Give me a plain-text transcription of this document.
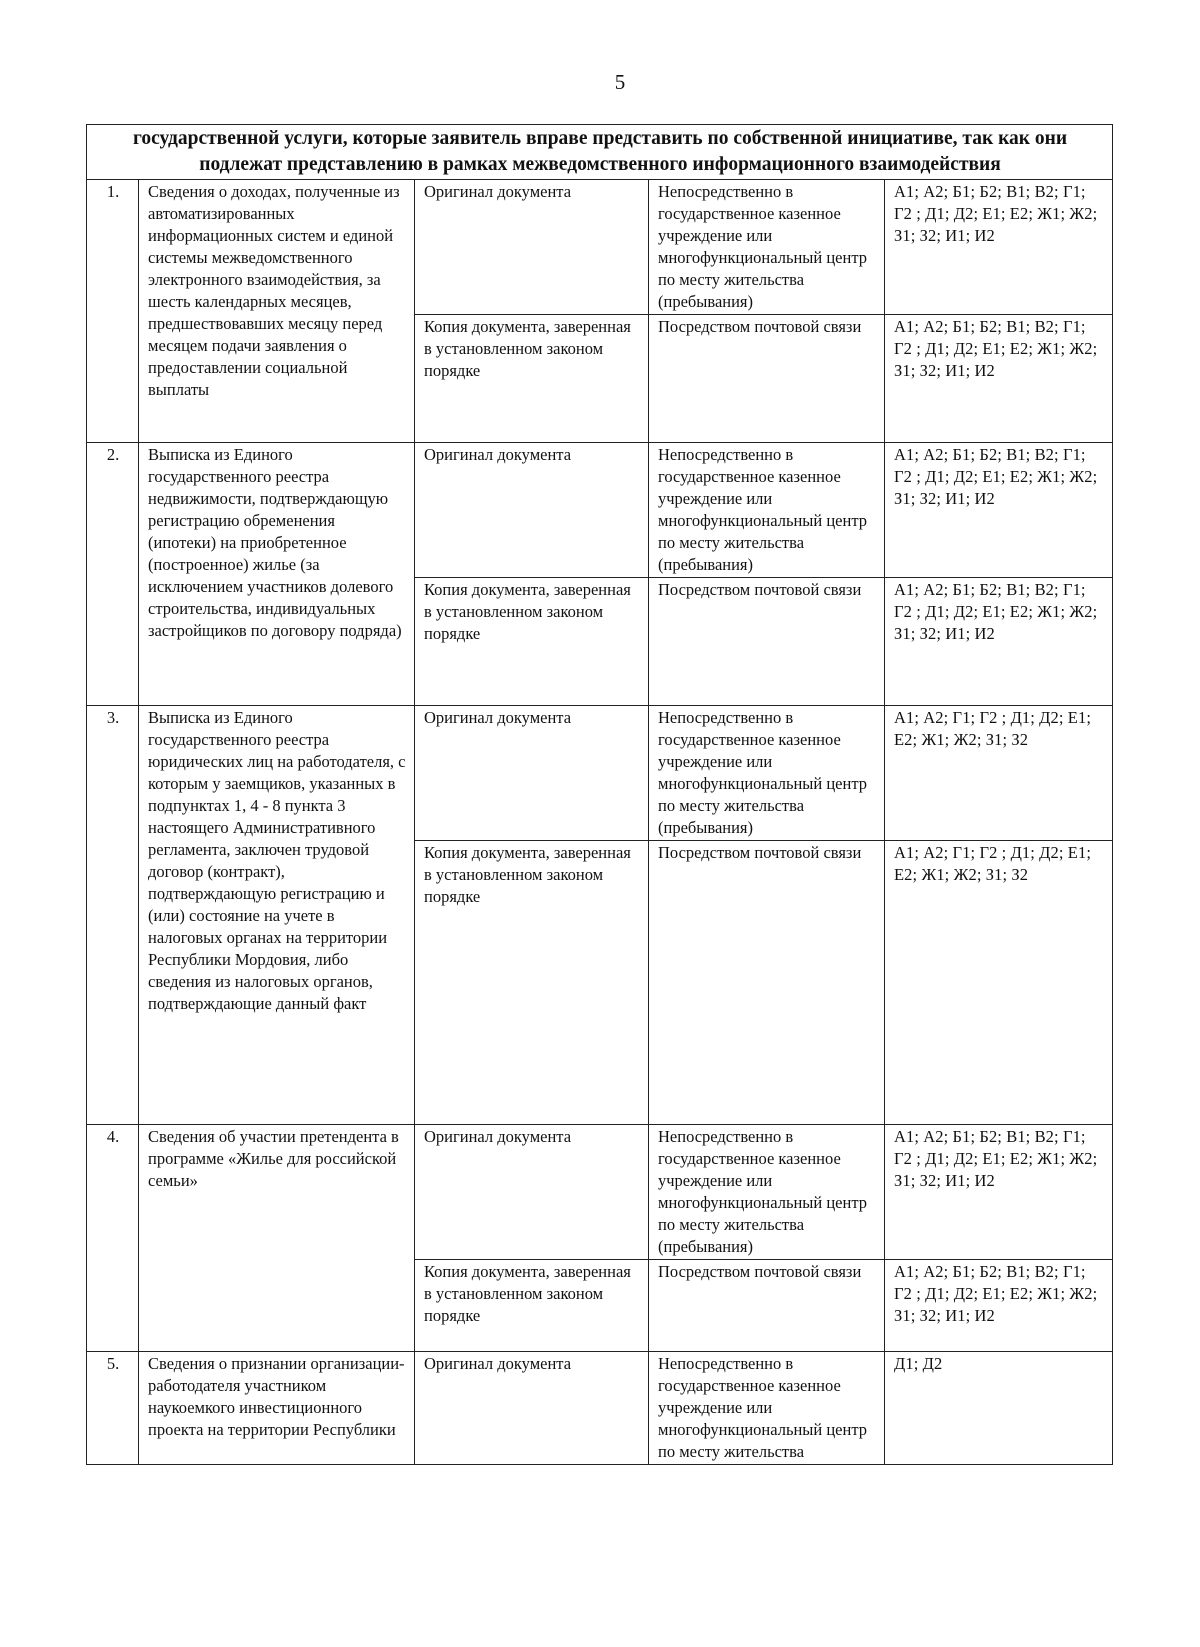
5
государственной услуги, которые заявитель вправе представить по собственной инициативе, так как они подлежат представлению в рамках межведомственного информационного взаимодействия				
1.	Сведения о доходах, полученные из автоматизированных информационных систем и единой системы межведомственного электронного взаимодействия, за шесть календарных месяцев, предшествовавших месяцу перед месяцем подачи заявления о предоставлении социальной выплаты	Оригинал документа	Непосредственно в государственное казенное учреждение или многофункциональный центр по месту жительства (пребывания)	А1; А2; Б1; Б2; В1; В2; Г1; Г2 ; Д1; Д2; Е1; Е2; Ж1; Ж2; З1; З2; И1; И2
		Копия документа, заверенная в установленном законом порядке	Посредством почтовой связи	А1; А2; Б1; Б2; В1; В2; Г1; Г2 ; Д1; Д2; Е1; Е2; Ж1; Ж2; З1; З2; И1; И2
2.	Выписка из Единого государственного реестра недвижимости, подтверждающую регистрацию обременения (ипотеки) на приобретенное (построенное) жилье (за исключением участников долевого строительства, индивидуальных застройщиков по договору подряда)	Оригинал документа	Непосредственно в государственное казенное учреждение или многофункциональный центр по месту жительства (пребывания)	А1; А2; Б1; Б2; В1; В2; Г1; Г2 ; Д1; Д2; Е1; Е2; Ж1; Ж2; З1; З2; И1; И2
		Копия документа, заверенная в установленном законом порядке	Посредством почтовой связи	А1; А2; Б1; Б2; В1; В2; Г1; Г2 ; Д1; Д2; Е1; Е2; Ж1; Ж2; З1; З2; И1; И2
3.	Выписка из Единого государственного реестра юридических лиц на работодателя, с которым у заемщиков, указанных в подпунктах 1, 4 - 8 пункта 3 настоящего Административного регламента, заключен трудовой договор (контракт), подтверждающую регистрацию и (или) состояние на учете в налоговых органах на территории Республики Мордовия, либо сведения из налоговых органов, подтверждающие данный факт	Оригинал документа	Непосредственно в государственное казенное учреждение или многофункциональный центр по месту жительства (пребывания)	А1; А2; Г1; Г2 ; Д1; Д2; Е1; Е2; Ж1; Ж2; З1; З2
		Копия документа, заверенная в установленном законом порядке	Посредством почтовой связи	А1; А2; Г1; Г2 ; Д1; Д2; Е1; Е2; Ж1; Ж2; З1; З2
4.	Сведения об участии претендента в программе «Жилье для российской семьи»	Оригинал документа	Непосредственно в государственное казенное учреждение или многофункциональный центр по месту жительства (пребывания)	А1; А2; Б1; Б2; В1; В2; Г1; Г2 ; Д1; Д2; Е1; Е2; Ж1; Ж2; З1; З2; И1; И2
		Копия документа, заверенная в установленном законом порядке	Посредством почтовой связи	А1; А2; Б1; Б2; В1; В2; Г1; Г2 ; Д1; Д2; Е1; Е2; Ж1; Ж2; З1; З2; И1; И2
5.	Сведения о признании организации-работодателя участником наукоемкого инвестиционного проекта на территории Республики	Оригинал документа	Непосредственно в государственное казенное учреждение или многофункциональный центр по месту жительства	Д1; Д2
